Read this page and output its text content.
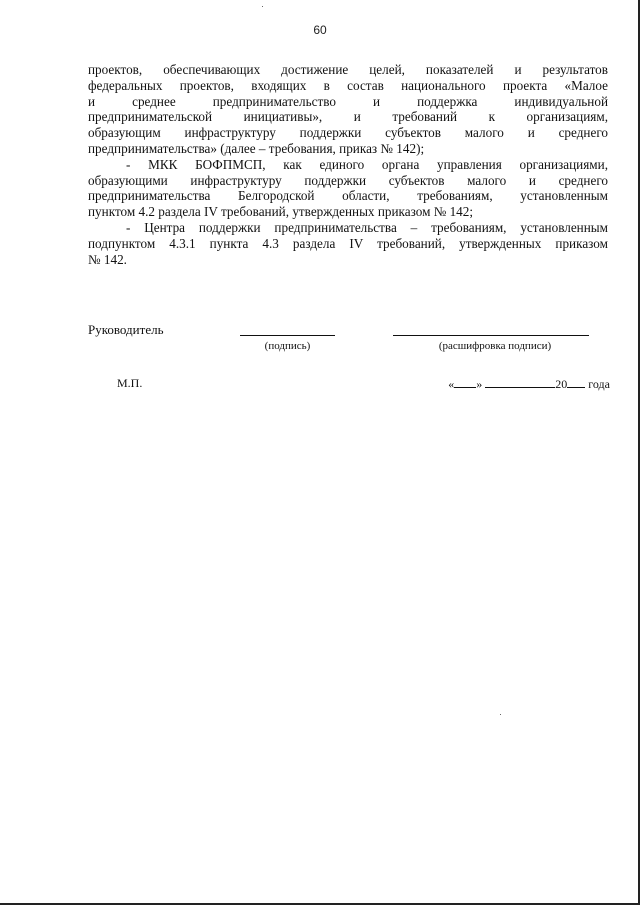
60

проектов, обеспечивающих достижение целей, показателей и результатов

федеральных проектов, входящих в состав национального проекта «Малое

и среднее предпринимательство и поддержка индивидуальной

предпринимательской инициативы», и требований к организациям,

образующим инфраструктуру поддержки субъектов малого и среднего

предпринимательства» (далее – требования, приказ № 142);

- МКК БОФПМСП, как единого органа управления организациями,

образующими инфраструктуру поддержки субъектов малого и среднего

предпринимательства Белгородской области, требованиям, установленным

пунктом 4.2 раздела IV требований, утвержденных приказом № 142;

- Центра поддержки предпринимательства – требованиям, установленным

подпунктом 4.3.1 пункта 4.3 раздела IV требований, утвержденных приказом

№ 142.

Руководитель
(подпись)	(расшифровка подписи)
М.П.	« »	20 года
